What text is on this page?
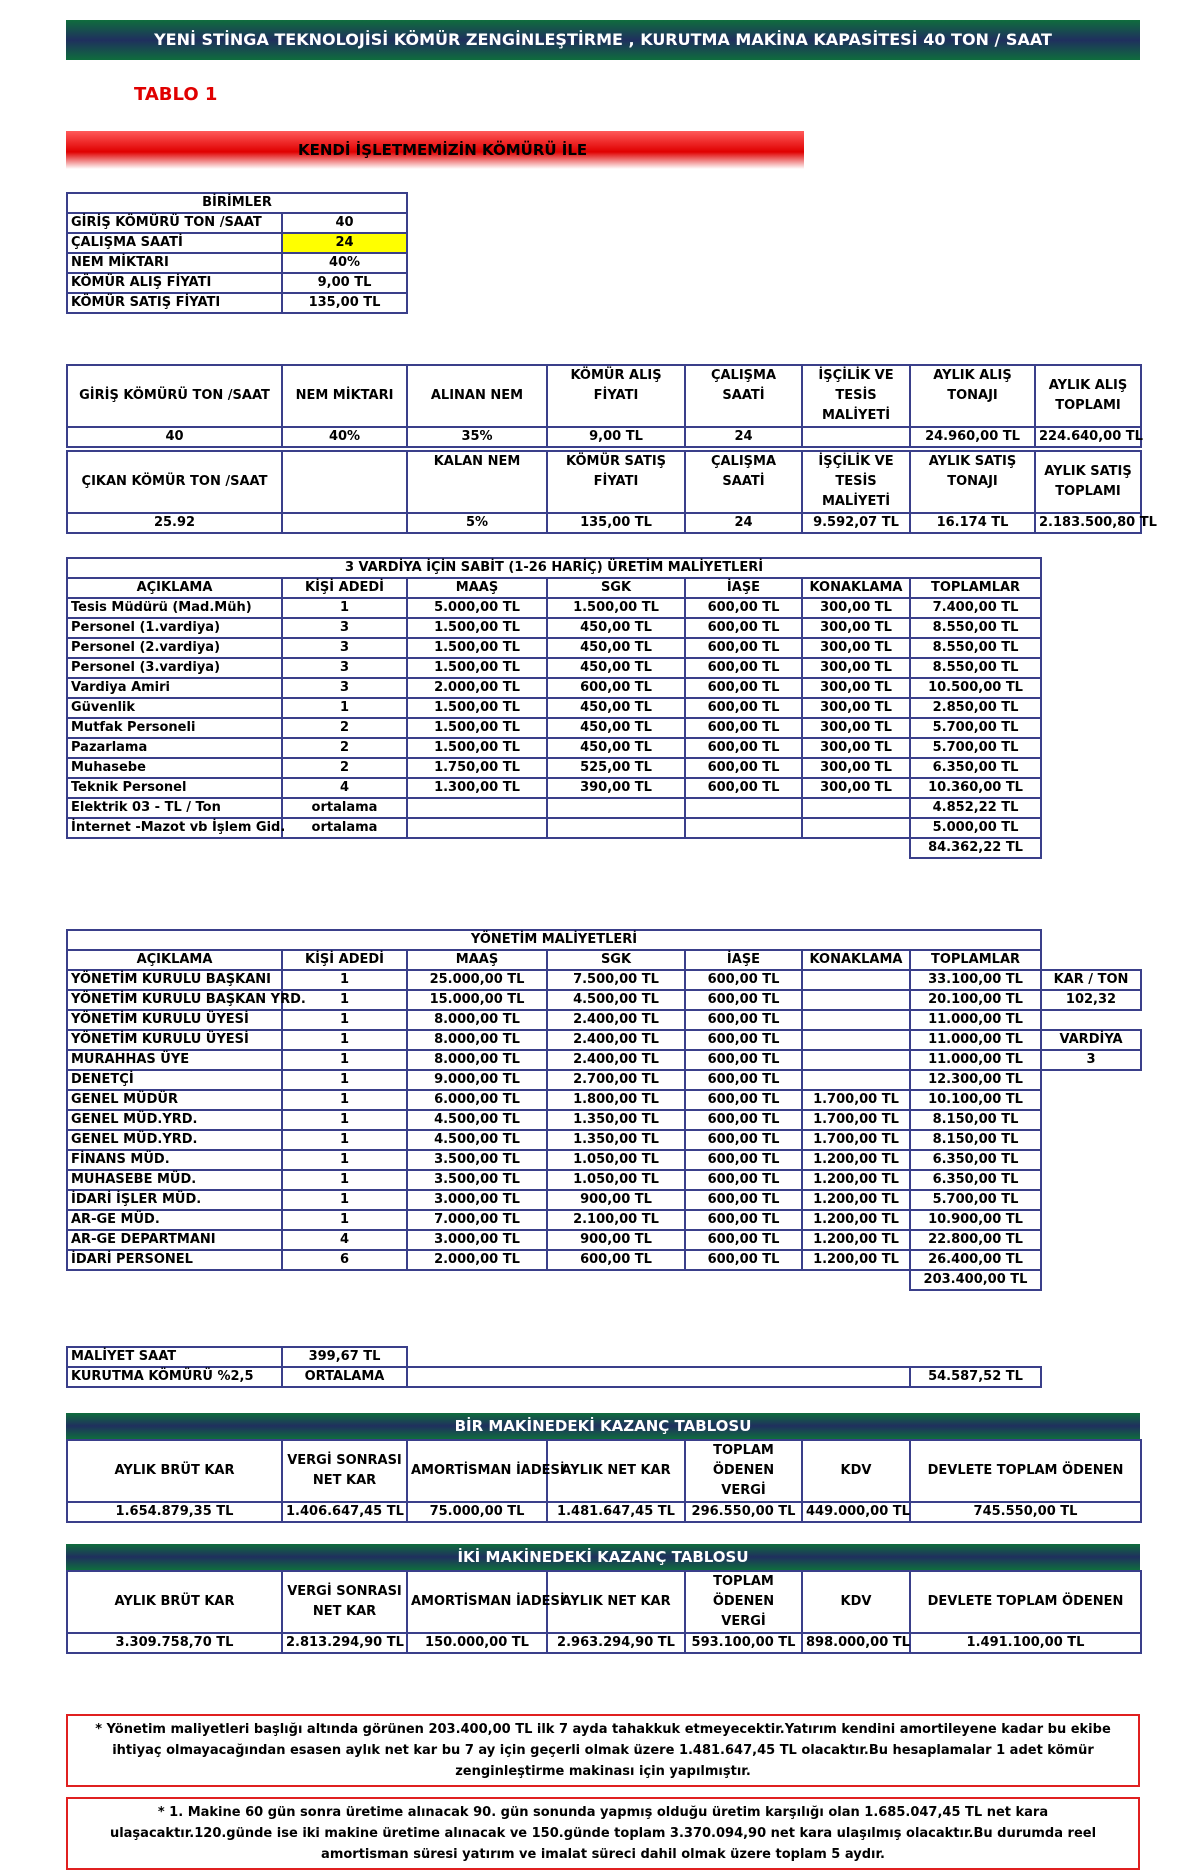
YENİ STİNGA TEKNOLOJİSİ KÖMÜR ZENGİNLEŞTİRME , KURUTMA MAKİNA KAPASİTESİ 40 TON / SAAT
TABLO 1
KENDİ İŞLETMEMİZİN KÖMÜRÜ İLE
BİRİMLER	
GİRİŞ KÖMÜRÜ TON /SAAT	40
ÇALIŞMA SAATİ	24
NEM MİKTARI	40%
KÖMÜR ALIŞ FİYATI	9,00 TL
KÖMÜR SATIŞ FİYATI	135,00 TL
GİRİŞ KÖMÜRÜ TON /SAAT	NEM MİKTARI	ALINAN NEM	KÖMÜR ALIŞ FİYATI	ÇALIŞMA SAATİ	İŞÇİLİK VE TESİS MALİYETİ	AYLIK ALIŞ TONAJI	AYLIK ALIŞ TOPLAMI
40	40%	35%	9,00 TL	24		24.960,00 TL	224.640,00 TL
ÇIKAN KÖMÜR TON /SAAT		KALAN NEM	KÖMÜR SATIŞ FİYATI	ÇALIŞMA SAATİ	İŞÇİLİK VE TESİS MALİYETİ	AYLIK SATIŞ TONAJI	AYLIK SATIŞ TOPLAMI
25.92		5%	135,00 TL	24	9.592,07 TL	16.174 TL	2.183.500,80 TL
3 VARDİYA İÇİN SABİT (1-26 HARİÇ) ÜRETİM MALİYETLERİ						
AÇIKLAMA	KİŞİ ADEDİ	MAAŞ	SGK	İAŞE	KONAKLAMA	TOPLAMLAR
Tesis Müdürü (Mad.Müh)	1	5.000,00 TL	1.500,00 TL	600,00 TL	300,00 TL	7.400,00 TL
Personel (1.vardiya)	3	1.500,00 TL	450,00 TL	600,00 TL	300,00 TL	8.550,00 TL
Personel (2.vardiya)	3	1.500,00 TL	450,00 TL	600,00 TL	300,00 TL	8.550,00 TL
Personel (3.vardiya)	3	1.500,00 TL	450,00 TL	600,00 TL	300,00 TL	8.550,00 TL
Vardiya Amiri	3	2.000,00 TL	600,00 TL	600,00 TL	300,00 TL	10.500,00 TL
Güvenlik	1	1.500,00 TL	450,00 TL	600,00 TL	300,00 TL	2.850,00 TL
Mutfak Personeli	2	1.500,00 TL	450,00 TL	600,00 TL	300,00 TL	5.700,00 TL
Pazarlama	2	1.500,00 TL	450,00 TL	600,00 TL	300,00 TL	5.700,00 TL
Muhasebe	2	1.750,00 TL	525,00 TL	600,00 TL	300,00 TL	6.350,00 TL
Teknik Personel	4	1.300,00 TL	390,00 TL	600,00 TL	300,00 TL	10.360,00 TL
Elektrik 03 - TL / Ton	ortalama					4.852,22 TL
İnternet -Mazot vb İşlem Gid.	ortalama					5.000,00 TL
						84.362,22 TL
YÖNETİM MALİYETLERİ							
AÇIKLAMA	KİŞİ ADEDİ	MAAŞ	SGK	İAŞE	KONAKLAMA	TOPLAMLAR	
YÖNETİM KURULU BAŞKANI	1	25.000,00 TL	7.500,00 TL	600,00 TL		33.100,00 TL	KAR / TON
YÖNETİM KURULU BAŞKAN YRD.	1	15.000,00 TL	4.500,00 TL	600,00 TL		20.100,00 TL	102,32
YÖNETİM KURULU ÜYESİ	1	8.000,00 TL	2.400,00 TL	600,00 TL		11.000,00 TL	
YÖNETİM KURULU ÜYESİ	1	8.000,00 TL	2.400,00 TL	600,00 TL		11.000,00 TL	VARDİYA
MURAHHAS ÜYE	1	8.000,00 TL	2.400,00 TL	600,00 TL		11.000,00 TL	3
DENETÇİ	1	9.000,00 TL	2.700,00 TL	600,00 TL		12.300,00 TL	
GENEL MÜDÜR	1	6.000,00 TL	1.800,00 TL	600,00 TL	1.700,00 TL	10.100,00 TL	
GENEL MÜD.YRD.	1	4.500,00 TL	1.350,00 TL	600,00 TL	1.700,00 TL	8.150,00 TL	
GENEL MÜD.YRD.	1	4.500,00 TL	1.350,00 TL	600,00 TL	1.700,00 TL	8.150,00 TL	
FİNANS MÜD.	1	3.500,00 TL	1.050,00 TL	600,00 TL	1.200,00 TL	6.350,00 TL	
MUHASEBE MÜD.	1	3.500,00 TL	1.050,00 TL	600,00 TL	1.200,00 TL	6.350,00 TL	
İDARİ İŞLER MÜD.	1	3.000,00 TL	900,00 TL	600,00 TL	1.200,00 TL	5.700,00 TL	
AR-GE MÜD.	1	7.000,00 TL	2.100,00 TL	600,00 TL	1.200,00 TL	10.900,00 TL	
AR-GE DEPARTMANI	4	3.000,00 TL	900,00 TL	600,00 TL	1.200,00 TL	22.800,00 TL	
İDARİ PERSONEL	6	2.000,00 TL	600,00 TL	600,00 TL	1.200,00 TL	26.400,00 TL	
						203.400,00 TL	
MALİYET SAAT	399,67 TL		
KURUTMA KÖMÜRÜ %2,5	ORTALAMA		54.587,52 TL
BİR MAKİNEDEKİ KAZANÇ TABLOSU
AYLIK BRÜT KAR	VERGİ SONRASI NET KAR	AMORTİSMAN İADESİ	AYLIK NET KAR	TOPLAM ÖDENEN VERGİ	KDV	DEVLETE TOPLAM ÖDENEN
1.654.879,35 TL	1.406.647,45 TL	75.000,00 TL	1.481.647,45 TL	296.550,00 TL	449.000,00 TL	745.550,00 TL
İKİ MAKİNEDEKİ KAZANÇ TABLOSU
AYLIK BRÜT KAR	VERGİ SONRASI NET KAR	AMORTİSMAN İADESİ	AYLIK NET KAR	TOPLAM ÖDENEN VERGİ	KDV	DEVLETE TOPLAM ÖDENEN
3.309.758,70 TL	2.813.294,90 TL	150.000,00 TL	2.963.294,90 TL	593.100,00 TL	898.000,00 TL	1.491.100,00 TL
* Yönetim maliyetleri başlığı altında görünen 203.400,00 TL ilk 7 ayda tahakkuk etmeyecektir.Yatırım kendini amortileyene kadar bu ekibe ihtiyaç olmayacağından esasen aylık net kar bu 7 ay için geçerli olmak üzere 1.481.647,45 TL olacaktır.Bu hesaplamalar 1 adet kömür zenginleştirme makinası için yapılmıştır.
* 1. Makine 60 gün sonra üretime alınacak 90. gün sonunda yapmış olduğu üretim karşılığı olan 1.685.047,45 TL net kara ulaşacaktır.120.günde ise iki makine üretime alınacak ve 150.günde toplam 3.370.094,90 net kara ulaşılmış olacaktır.Bu durumda reel amortisman süresi yatırım ve imalat süreci dahil olmak üzere toplam 5 aydır.
